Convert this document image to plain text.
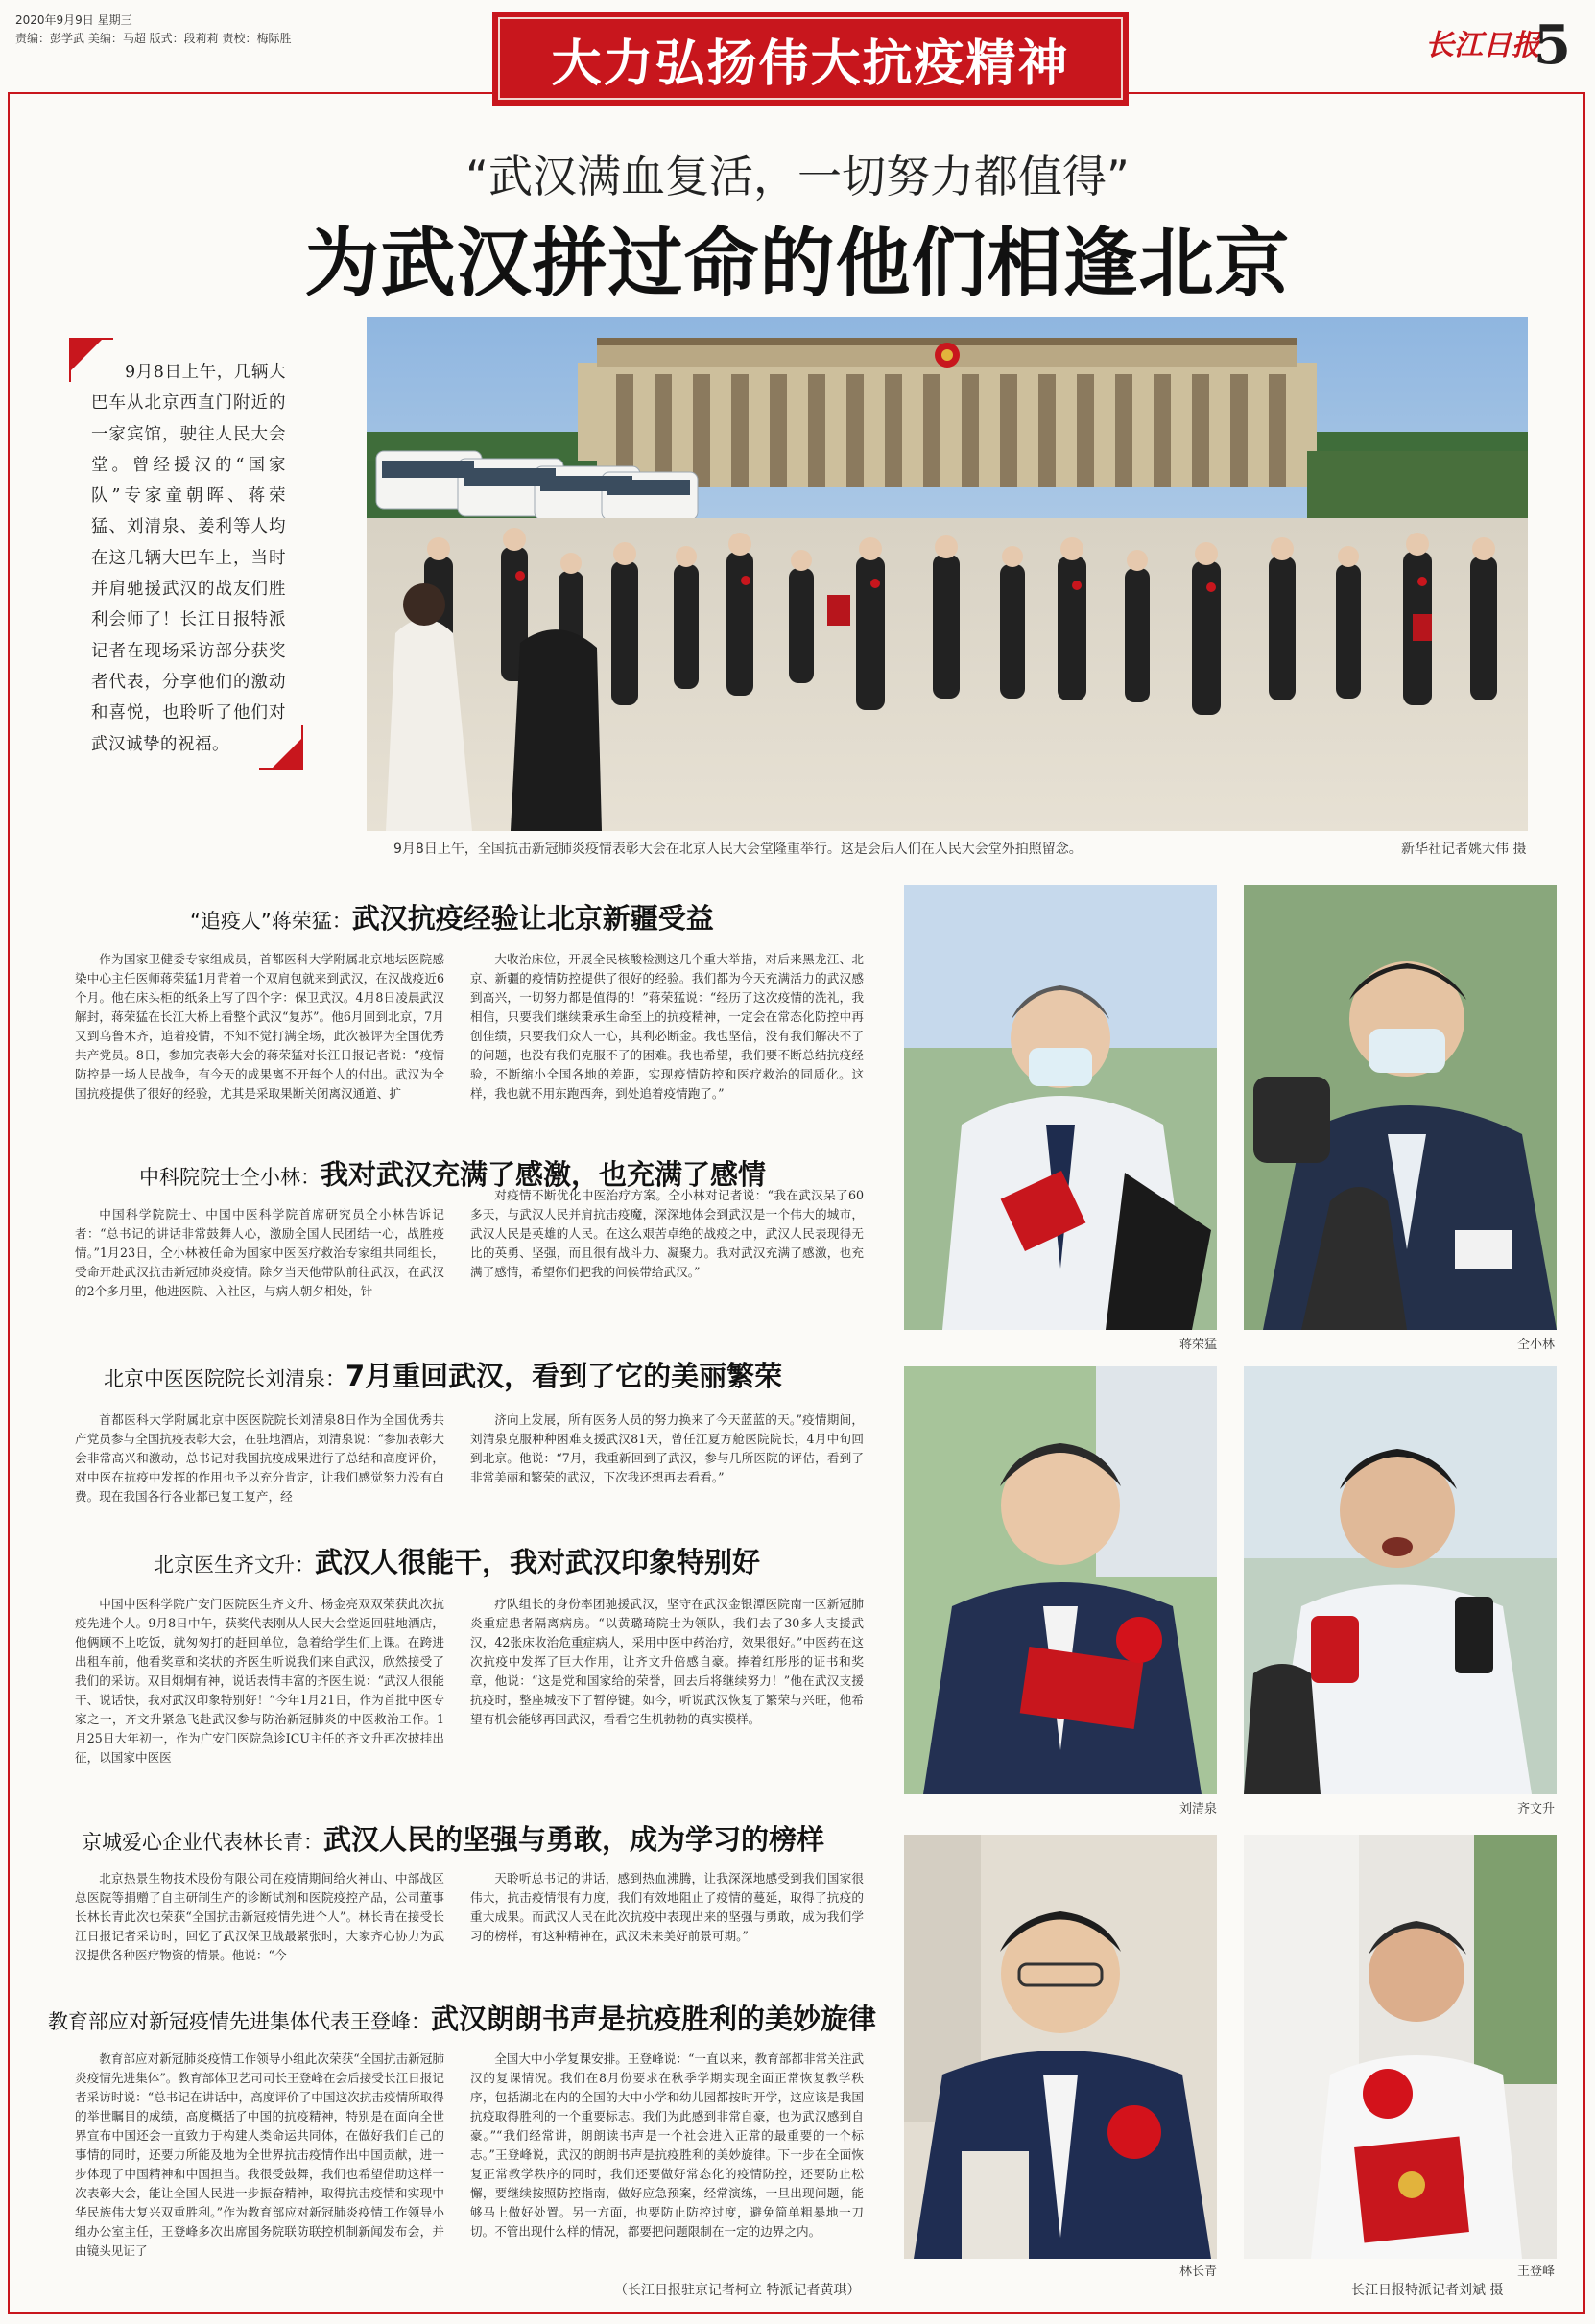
2020年9月9日 星期三
责编：彭学武 美编：马超 版式：段莉莉 责校：梅际胜	大力弘扬伟大抗疫精神	长江日报
5
“武汉满血复活，一切努力都值得”
为武汉拼过命的他们相逢北京
9月8日上午，几辆大巴车从北京西直门附近的一家宾馆，驶往人民大会堂。曾经援汉的“国家队”专家童朝晖、蒋荣猛、刘清泉、姜利等人均在这几辆大巴车上，当时并肩驰援武汉的战友们胜利会师了！长江日报特派记者在现场采访部分获奖者代表，分享他们的激动和喜悦，也聆听了他们对武汉诚挚的祝福。
9月8日上午，全国抗击新冠肺炎疫情表彰大会在北京人民大会堂隆重举行。这是会后人们在人民大会堂外拍照留念。	新华社记者姚大伟 摄
“追疫人”蒋荣猛：武汉抗疫经验让北京新疆受益
作为国家卫健委专家组成员，首都医科大学附属北京地坛医院感染中心主任医师蒋荣猛1月背着一个双肩包就来到武汉，在汉战疫近6个月。他在床头柜的纸条上写了四个字：保卫武汉。4月8日凌晨武汉解封，蒋荣猛在长江大桥上看整个武汉“复苏”。他6月回到北京，7月又到乌鲁木齐，追着疫情，不知不觉打满全场，此次被评为全国优秀共产党员。8日，参加完表彰大会的蒋荣猛对长江日报记者说：“疫情防控是一场人民战争，有今天的成果离不开每个人的付出。武汉为全国抗疫提供了很好的经验，尤其是采取果断关闭离汉通道、扩
大收治床位，开展全民核酸检测这几个重大举措，对后来黑龙江、北京、新疆的疫情防控提供了很好的经验。我们都为今天充满活力的武汉感到高兴，一切努力都是值得的！”蒋荣猛说：“经历了这次疫情的洗礼，我相信，只要我们继续秉承生命至上的抗疫精神，一定会在常态化防控中再创佳绩，只要我们众人一心，其利必断金。我也坚信，没有我们解决不了的问题，也没有我们克服不了的困难。我也希望，我们要不断总结抗疫经验，不断缩小全国各地的差距，实现疫情防控和医疗救治的同质化。这样，我也就不用东跑西奔，到处追着疫情跑了。”
中科院院士仝小林：我对武汉充满了感激，也充满了感情
中国科学院院士、中国中医科学院首席研究员仝小林告诉记者：“总书记的讲话非常鼓舞人心，激励全国人民团结一心，战胜疫情。”1月23日，仝小林被任命为国家中医医疗救治专家组共同组长，受命开赴武汉抗击新冠肺炎疫情。除夕当天他带队前往武汉，在武汉的2个多月里，他进医院、入社区，与病人朝夕相处，针
对疫情不断优化中医治疗方案。仝小林对记者说：“我在武汉呆了60多天，与武汉人民并肩抗击疫魔，深深地体会到武汉是一个伟大的城市，武汉人民是英雄的人民。在这么艰苦卓绝的战疫之中，武汉人民表现得无比的英勇、坚强，而且很有战斗力、凝聚力。我对武汉充满了感激，也充满了感情，希望你们把我的问候带给武汉。”
北京中医医院院长刘清泉：7月重回武汉，看到了它的美丽繁荣
首都医科大学附属北京中医医院院长刘清泉8日作为全国优秀共产党员参与全国抗疫表彰大会，在驻地酒店，刘清泉说：“参加表彰大会非常高兴和激动，总书记对我国抗疫成果进行了总结和高度评价，对中医在抗疫中发挥的作用也予以充分肯定，让我们感觉努力没有白费。现在我国各行各业都已复工复产，经
济向上发展，所有医务人员的努力换来了今天蓝蓝的天。”疫情期间，刘清泉克服种种困难支援武汉81天，曾任江夏方舱医院院长，4月中旬回到北京。他说：“7月，我重新回到了武汉，参与几所医院的评估，看到了非常美丽和繁荣的武汉，下次我还想再去看看。”
北京医生齐文升：武汉人很能干，我对武汉印象特别好
中国中医科学院广安门医院医生齐文升、杨金亮双双荣获此次抗疫先进个人。9月8日中午，获奖代表刚从人民大会堂返回驻地酒店，他俩顾不上吃饭，就匆匆打的赶回单位，急着给学生们上课。在跨进出租车前，他看奖章和奖状的齐医生听说我们来自武汉，欣然接受了我们的采访。双目炯炯有神，说话表情丰富的齐医生说：“武汉人很能干、说话快，我对武汉印象特别好！”今年1月21日，作为首批中医专家之一，齐文升紧急飞赴武汉参与防治新冠肺炎的中医救治工作。1月25日大年初一，作为广安门医院急诊ICU主任的齐文升再次披挂出征，以国家中医医
疗队组长的身份率团驰援武汉，坚守在武汉金银潭医院南一区新冠肺炎重症患者隔离病房。“以黄璐琦院士为领队，我们去了30多人支援武汉，42张床收治危重症病人，采用中医中药治疗，效果很好。”中医药在这次抗疫中发挥了巨大作用，让齐文升倍感自豪。捧着红彤彤的证书和奖章，他说：“这是党和国家给的荣誉，回去后将继续努力！”他在武汉支援抗疫时，整座城按下了暂停键。如今，听说武汉恢复了繁荣与兴旺，他希望有机会能够再回武汉，看看它生机勃勃的真实模样。
京城爱心企业代表林长青：武汉人民的坚强与勇敢，成为学习的榜样
北京热景生物技术股份有限公司在疫情期间给火神山、中部战区总医院等捐赠了自主研制生产的诊断试剂和医院疫控产品，公司董事长林长青此次也荣获“全国抗击新冠疫情先进个人”。林长青在接受长江日报记者采访时，回忆了武汉保卫战最紧张时，大家齐心协力为武汉提供各种医疗物资的情景。他说：“今
天聆听总书记的讲话，感到热血沸腾，让我深深地感受到我们国家很伟大，抗击疫情很有力度，我们有效地阻止了疫情的蔓延，取得了抗疫的重大成果。而武汉人民在此次抗疫中表现出来的坚强与勇敢，成为我们学习的榜样，有这种精神在，武汉未来美好前景可期。”
教育部应对新冠疫情先进集体代表王登峰：武汉朗朗书声是抗疫胜利的美妙旋律
教育部应对新冠肺炎疫情工作领导小组此次荣获“全国抗击新冠肺炎疫情先进集体”。教育部体卫艺司司长王登峰在会后接受长江日报记者采访时说：“总书记在讲话中，高度评价了中国这次抗击疫情所取得的举世瞩目的成绩，高度概括了中国的抗疫精神，特别是在面向全世界宣布中国还会一直致力于构建人类命运共同体，在做好我们自己的事情的同时，还要力所能及地为全世界抗击疫情作出中国贡献，进一步体现了中国精神和中国担当。我很受鼓舞，我们也希望借助这样一次表彰大会，能让全国人民进一步振奋精神，取得抗击疫情和实现中华民族伟大复兴双重胜利。”作为教育部应对新冠肺炎疫情工作领导小组办公室主任，王登峰多次出席国务院联防联控机制新闻发布会，并由镜头见证了
全国大中小学复课安排。王登峰说：“一直以来，教育部都非常关注武汉的复课情况。我们在8月份要求在秋季学期实现全面正常恢复教学秩序，包括湖北在内的全国的大中小学和幼儿园都按时开学，这应该是我国抗疫取得胜利的一个重要标志。我们为此感到非常自豪，也为武汉感到自豪。”“我们经常讲，朗朗读书声是一个社会进入正常的最重要的一个标志。”王登峰说，武汉的朗朗书声是抗疫胜利的美妙旋律。下一步在全面恢复正常教学秩序的同时，我们还要做好常态化的疫情防控，还要防止松懈，要继续按照防控指南，做好应急预案，经常演练，一旦出现问题，能够马上做好处置。另一方面，也要防止防控过度，避免简单粗暴地一刀切。不管出现什么样的情况，都要把问题限制在一定的边界之内。
（长江日报驻京记者柯立 特派记者黄琪）
蒋荣猛	仝小林
刘清泉	齐文升
林长青	王登峰
长江日报特派记者刘斌 摄
